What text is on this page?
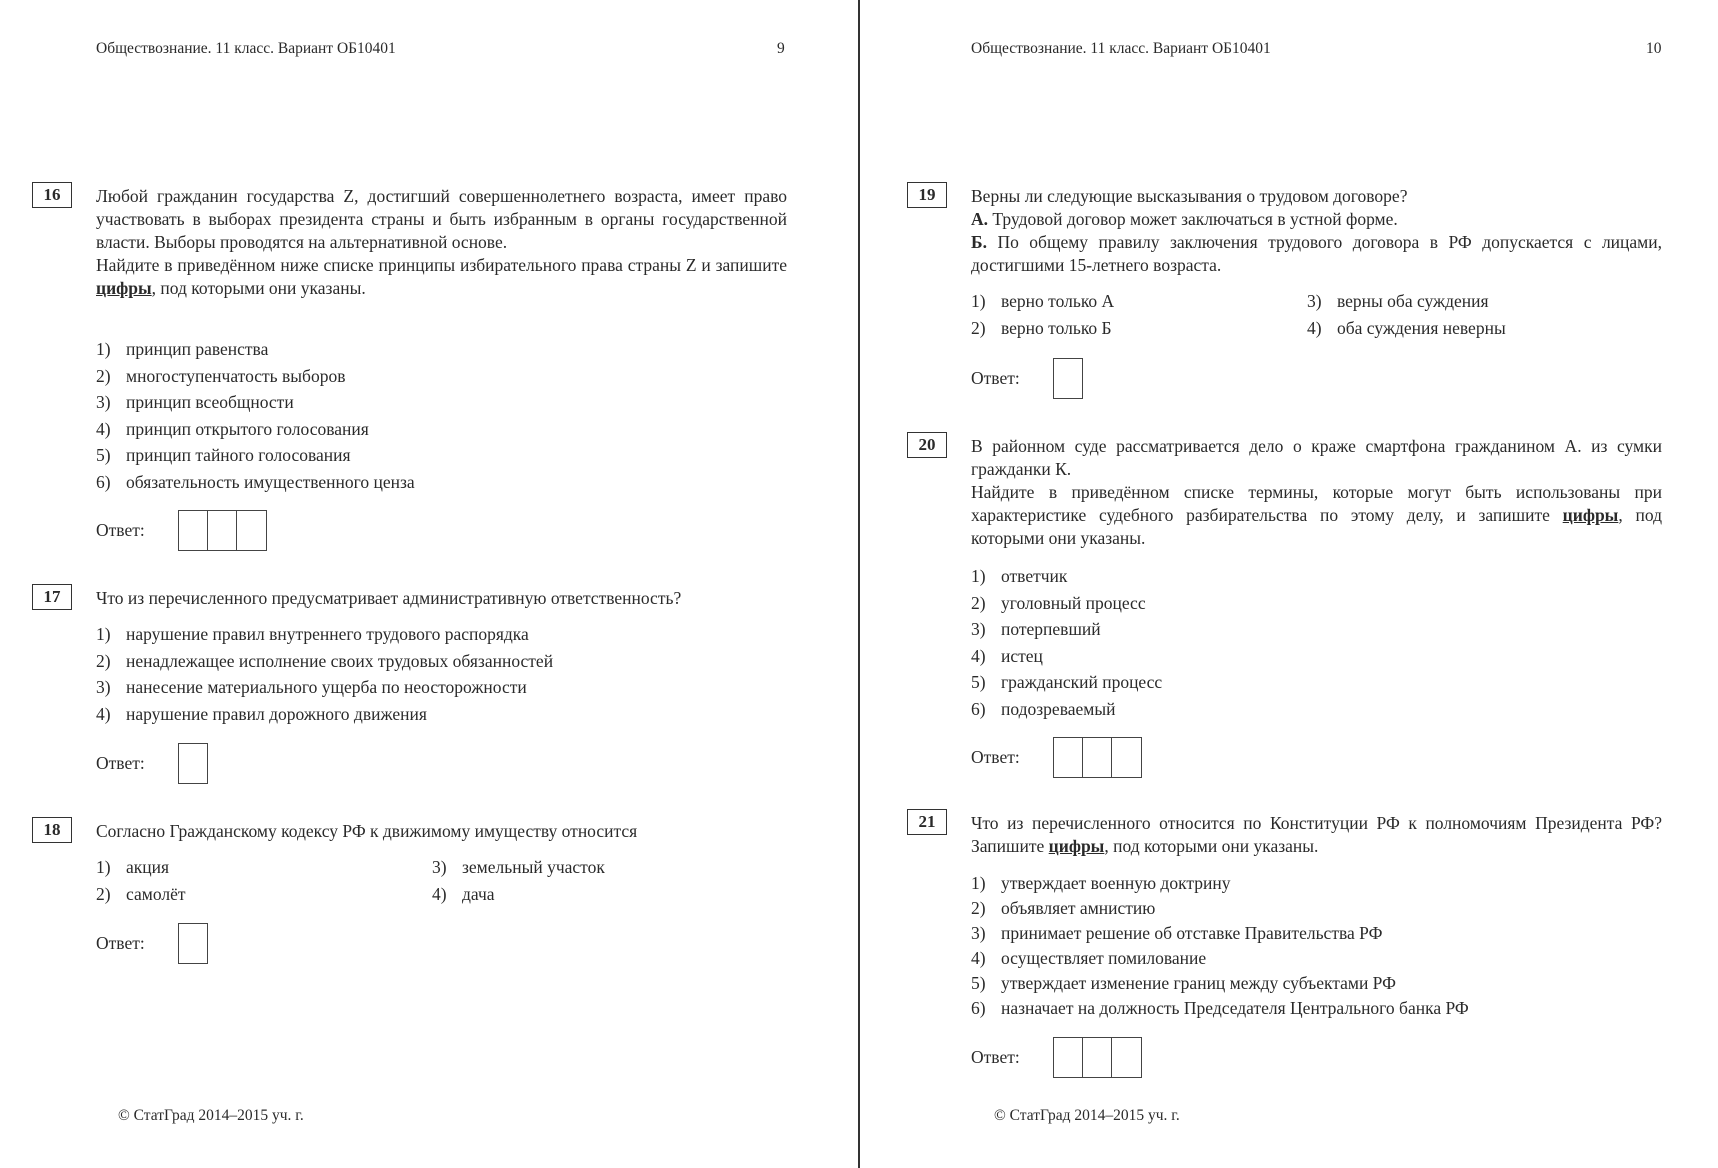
Обществознание. 11 класс. Вариант ОБ10401	9
16	Любой гражданин государства Z, достигший совершеннолетнего возраста, имеет право участвовать в выборах президента страны и быть избранным в органы государственной власти. Выборы проводятся на альтернативной основе.

Найдите в приведённом ниже списке принципы избирательного права страны Z и запишите цифры, под которыми они указаны.

1) принцип равенства
2) многоступенчатость выборов
3) принцип всеобщности
4) принцип открытого голосования
5) принцип тайного голосования
6) обязательность имущественного ценза
Ответ:
17	Что из перечисленного предусматривает административную ответственность?
1) нарушение правил внутреннего трудового распорядка
2) ненадлежащее исполнение своих трудовых обязанностей
3) нанесение материального ущерба по неосторожности
4) нарушение правил дорожного движения
Ответ:
18	Согласно Гражданскому кодексу РФ к движимому имуществу относится
1) акция
2) самолёт
3) земельный участок
4) дача
Ответ:
© СтатГрад 2014–2015 уч. г.
Обществознание. 11 класс. Вариант ОБ10401	10
19	Верны ли следующие высказывания о трудовом договоре?

А. Трудовой договор может заключаться в устной форме.

Б. По общему правилу заключения трудового договора в РФ допускается с лицами, достигшими 15-летнего возраста.

1) верно только А
2) верно только Б
3) верны оба суждения
4) оба суждения неверны
Ответ:
20	В районном суде рассматривается дело о краже смартфона гражданином А. из сумки гражданки К.

Найдите в приведённом списке термины, которые могут быть использованы при характеристике судебного разбирательства по этому делу, и запишите цифры, под которыми они указаны.

1) ответчик
2) уголовный процесс
3) потерпевший
4) истец
5) гражданский процесс
6) подозреваемый
Ответ:
21	Что из перечисленного относится по Конституции РФ к полномочиям Президента РФ? Запишите цифры, под которыми они указаны.

1) утверждает военную доктрину
2) объявляет амнистию
3) принимает решение об отставке Правительства РФ
4) осуществляет помилование
5) утверждает изменение границ между субъектами РФ
6) назначает на должность Председателя Центрального банка РФ
Ответ:
© СтатГрад 2014–2015 уч. г.
